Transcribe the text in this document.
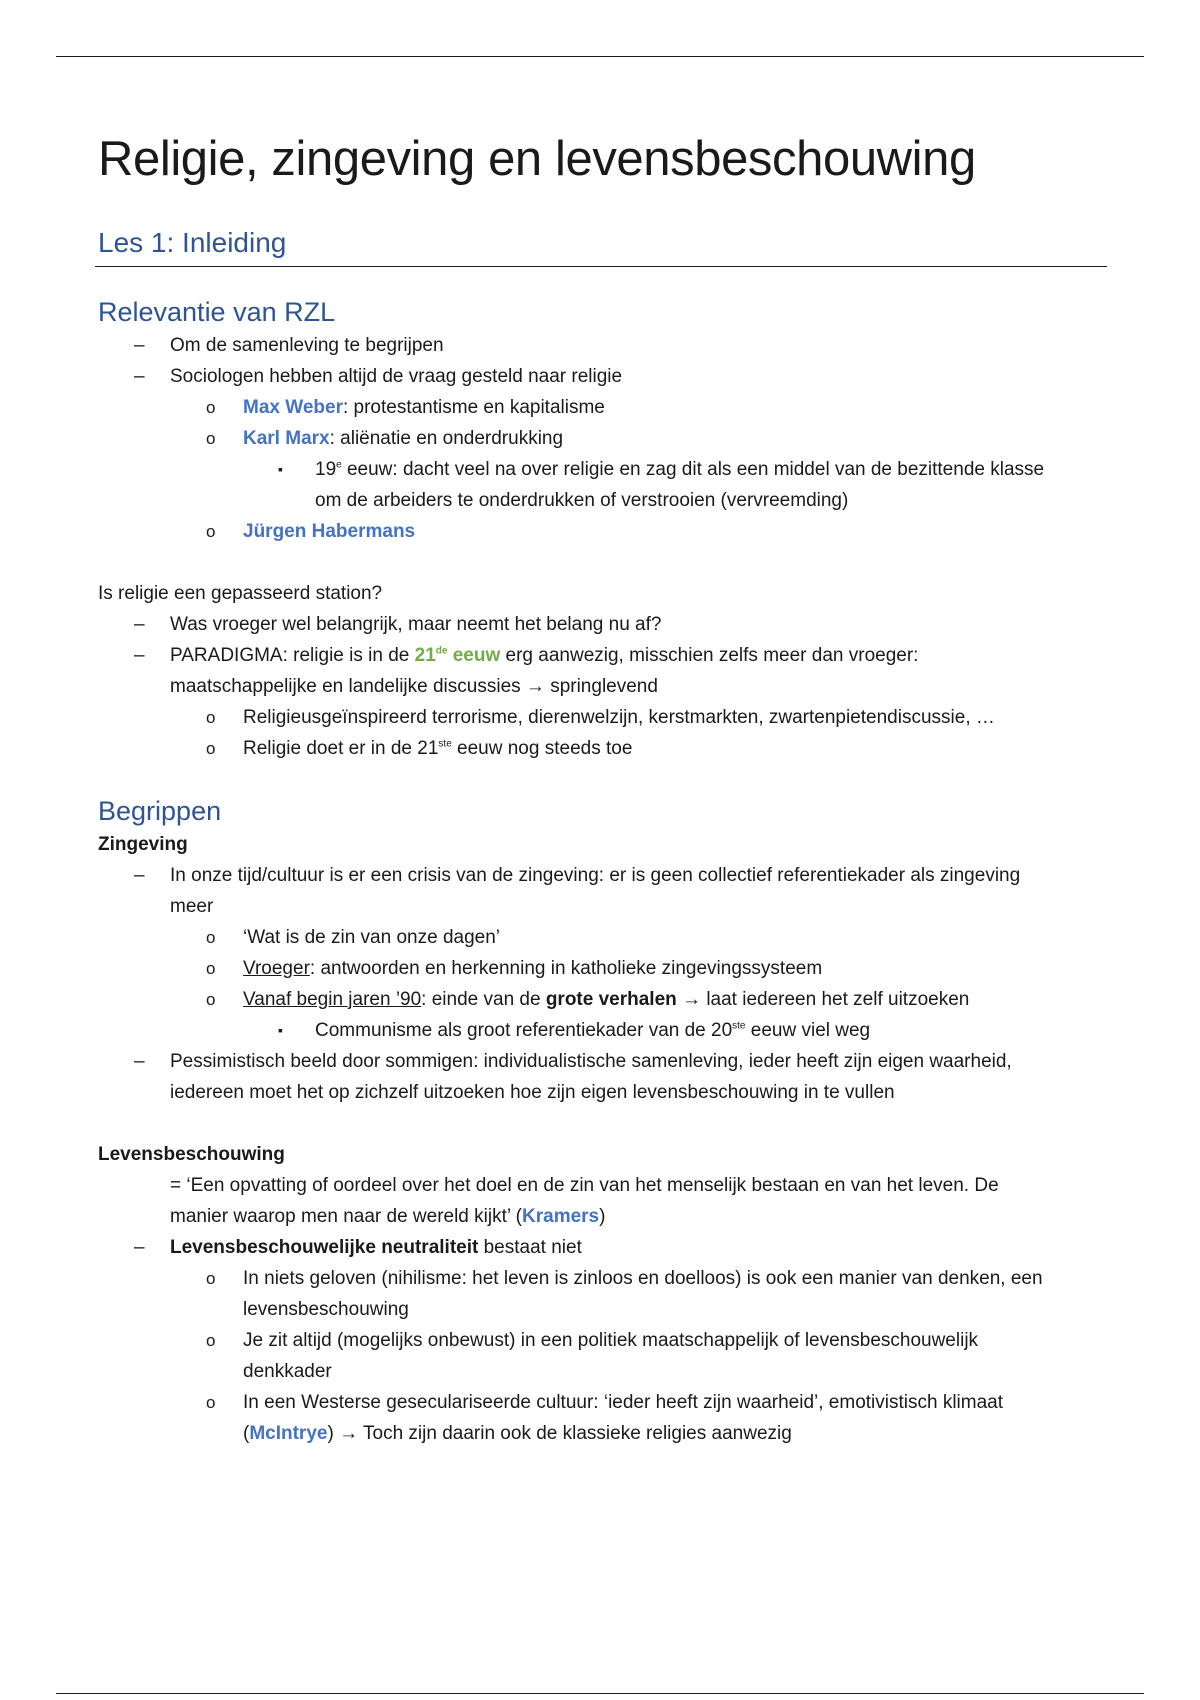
Religie, zingeving en levensbeschouwing
Les 1: Inleiding
Relevantie van RZL
– Om de samenleving te begrijpen
– Sociologen hebben altijd de vraag gesteld naar religie
o Max Weber: protestantisme en kapitalisme
o Karl Marx: aliënatie en onderdrukking
▪ 19e eeuw: dacht veel na over religie en zag dit als een middel van de bezittende klasse
om de arbeiders te onderdrukken of verstrooien (vervreemding)
o Jürgen Habermans
Is religie een gepasseerd station?
– Was vroeger wel belangrijk, maar neemt het belang nu af?
– PARADIGMA: religie is in de 21de eeuw erg aanwezig, misschien zelfs meer dan vroeger:
maatschappelijke en landelijke discussies → springlevend
o Religieusgeïnspireerd terrorisme, dierenwelzijn, kerstmarkten, zwartenpietendiscussie, …
o Religie doet er in de 21ste eeuw nog steeds toe
Begrippen
Zingeving
– In onze tijd/cultuur is er een crisis van de zingeving: er is geen collectief referentiekader als zingeving
meer
o ‘Wat is de zin van onze dagen’
o Vroeger: antwoorden en herkenning in katholieke zingevingssysteem
o Vanaf begin jaren ’90: einde van de grote verhalen → laat iedereen het zelf uitzoeken
▪ Communisme als groot referentiekader van de 20ste eeuw viel weg
– Pessimistisch beeld door sommigen: individualistische samenleving, ieder heeft zijn eigen waarheid,
iedereen moet het op zichzelf uitzoeken hoe zijn eigen levensbeschouwing in te vullen
Levensbeschouwing
= ‘Een opvatting of oordeel over het doel en de zin van het menselijk bestaan en van het leven. De
manier waarop men naar de wereld kijkt’ (Kramers)
– Levensbeschouwelijke neutraliteit bestaat niet
o In niets geloven (nihilisme: het leven is zinloos en doelloos) is ook een manier van denken, een
levensbeschouwing
o Je zit altijd (mogelijks onbewust) in een politiek maatschappelijk of levensbeschouwelijk
denkkader
o In een Westerse geseculariseerde cultuur: ‘ieder heeft zijn waarheid’, emotivistisch klimaat
(McIntrye) → Toch zijn daarin ook de klassieke religies aanwezig
